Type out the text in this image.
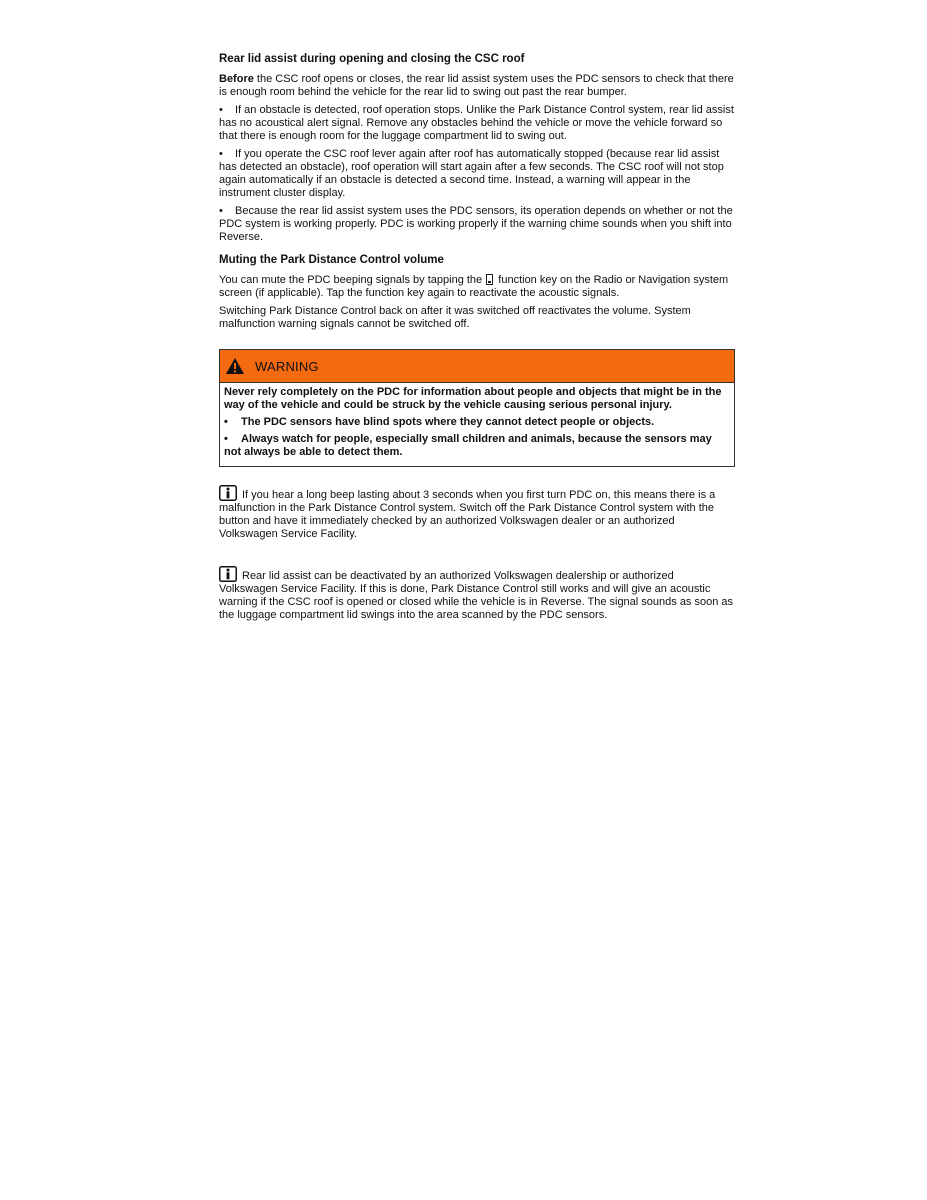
Rear lid assist during opening and closing the CSC roof

Before the CSC roof opens or closes, the rear lid assist system uses the PDC sensors to check that there is enough room behind the vehicle for the rear lid to swing out past the rear bumper.

• If an obstacle is detected, roof operation stops. Unlike the Park Distance Control system, rear lid assist has no acoustical alert signal. Remove any obstacles behind the vehicle or move the vehicle forward so that there is enough room for the luggage compartment lid to swing out.
• If you operate the CSC roof lever again after roof has automatically stopped (because rear lid assist has detected an obstacle), roof operation will start again after a few seconds. The CSC roof will not stop again automatically if an obstacle is detected a second time. Instead, a warning will appear in the instrument cluster display.
• Because the rear lid assist system uses the PDC sensors, its operation depends on whether or not the PDC system is working properly. PDC is working properly if the warning chime sounds when you shift into Reverse.
Muting the Park Distance Control volume

You can mute the PDC beeping signals by tapping the  function key on the Radio or Navigation system screen (if applicable). Tap the function key again to reactivate the acoustic signals.

Switching Park Distance Control back on after it was switched off reactivates the volume. System malfunction warning signals cannot be switched off.

WARNING

Never rely completely on the PDC for information about people and objects that might be in the way of the vehicle and could be struck by the vehicle causing serious personal injury.

• The PDC sensors have blind spots where they cannot detect people or objects.
• Always watch for people, especially small children and animals, because the sensors may not always be able to detect them.

If you hear a long beep lasting about 3 seconds when you first turn PDC on, this means there is a malfunction in the Park Distance Control system. Switch off the Park Distance Control system with the button and have it immediately checked by an authorized Volkswagen dealer or an authorized Volkswagen Service Facility.

Rear lid assist can be deactivated by an authorized Volkswagen dealership or authorized Volkswagen Service Facility. If this is done, Park Distance Control still works and will give an acoustic warning if the CSC roof is opened or closed while the vehicle is in Reverse. The signal sounds as soon as the luggage compartment lid swings into the area scanned by the PDC sensors.
